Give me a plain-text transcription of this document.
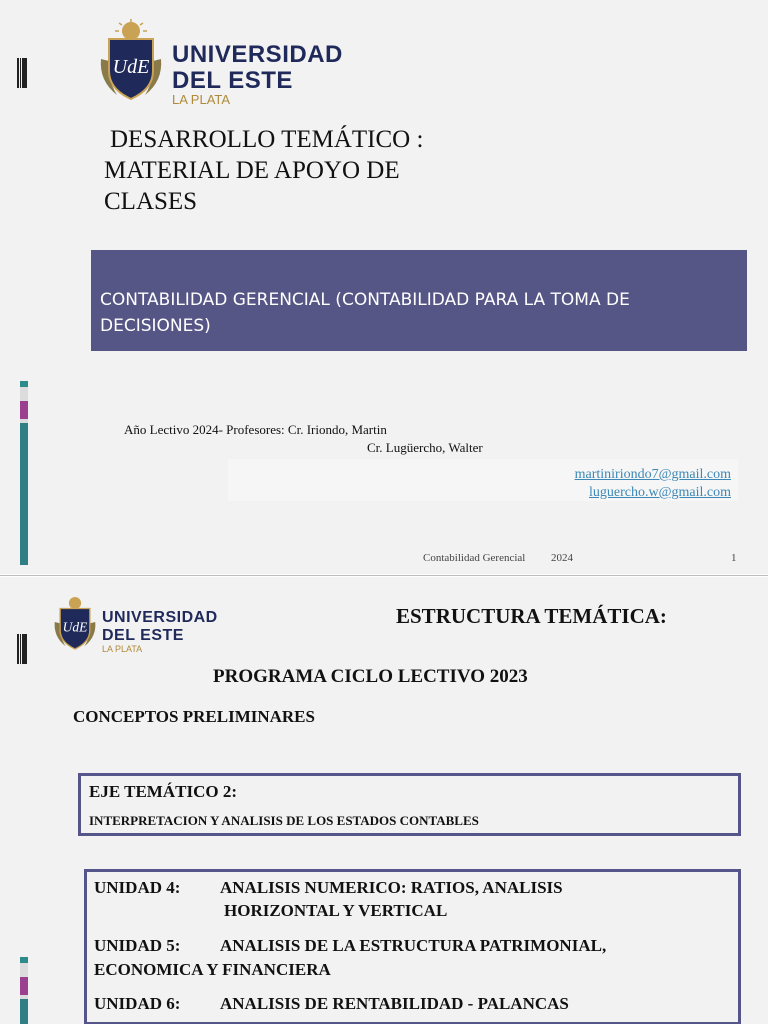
UdE UNIVERSIDAD
DEL ESTE
LA PLATA
DESARROLLO TEMÁTICO :
MATERIAL DE APOYO DE
CLASES
CONTABILIDAD GERENCIAL (CONTABILIDAD PARA LA TOMA DE DECISIONES)
Año Lectivo 2024- Profesores: Cr. Iriondo, Martin
Cr. Lugüercho, Walter
martiniriondo7@gmail.com
luguercho.w@gmail.com
Contabilidad Gerencial 2024	1
UdE
UNIVERSIDAD
DEL ESTE
LA PLATA
ESTRUCTURA TEMÁTICA:
PROGRAMA CICLO LECTIVO 2023
CONCEPTOS PRELIMINARES
EJE TEMÁTICO 2:
INTERPRETACION Y ANALISIS DE LOS ESTADOS CONTABLES
UNIDAD 4: ANALISIS NUMERICO: RATIOS, ANALISIS
HORIZONTAL Y VERTICAL
UNIDAD 5: ANALISIS DE LA ESTRUCTURA PATRIMONIAL,
ECONOMICA Y FINANCIERA
UNIDAD 6: ANALISIS DE RENTABILIDAD - PALANCAS
